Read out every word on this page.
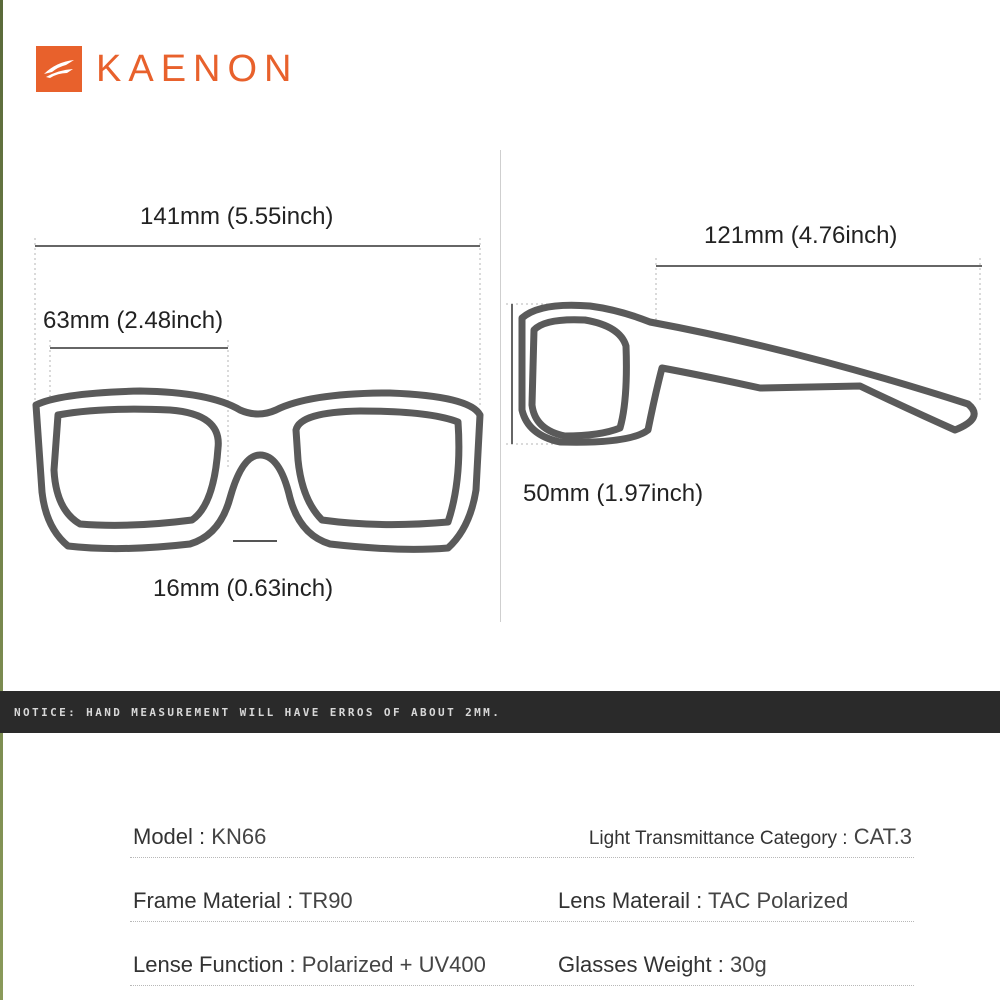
KAENON
141mm (5.55inch)
63mm (2.48inch)
16mm (0.63inch)
121mm (4.76inch)
50mm (1.97inch)
NOTICE: HAND MEASUREMENT WILL HAVE ERROS OF ABOUT 2MM.
Model : KN66	Light Transmittance Category : CAT.3
Frame Material : TR90	Lens Materail : TAC Polarized
Lense Function : Polarized + UV400	Glasses Weight : 30g
